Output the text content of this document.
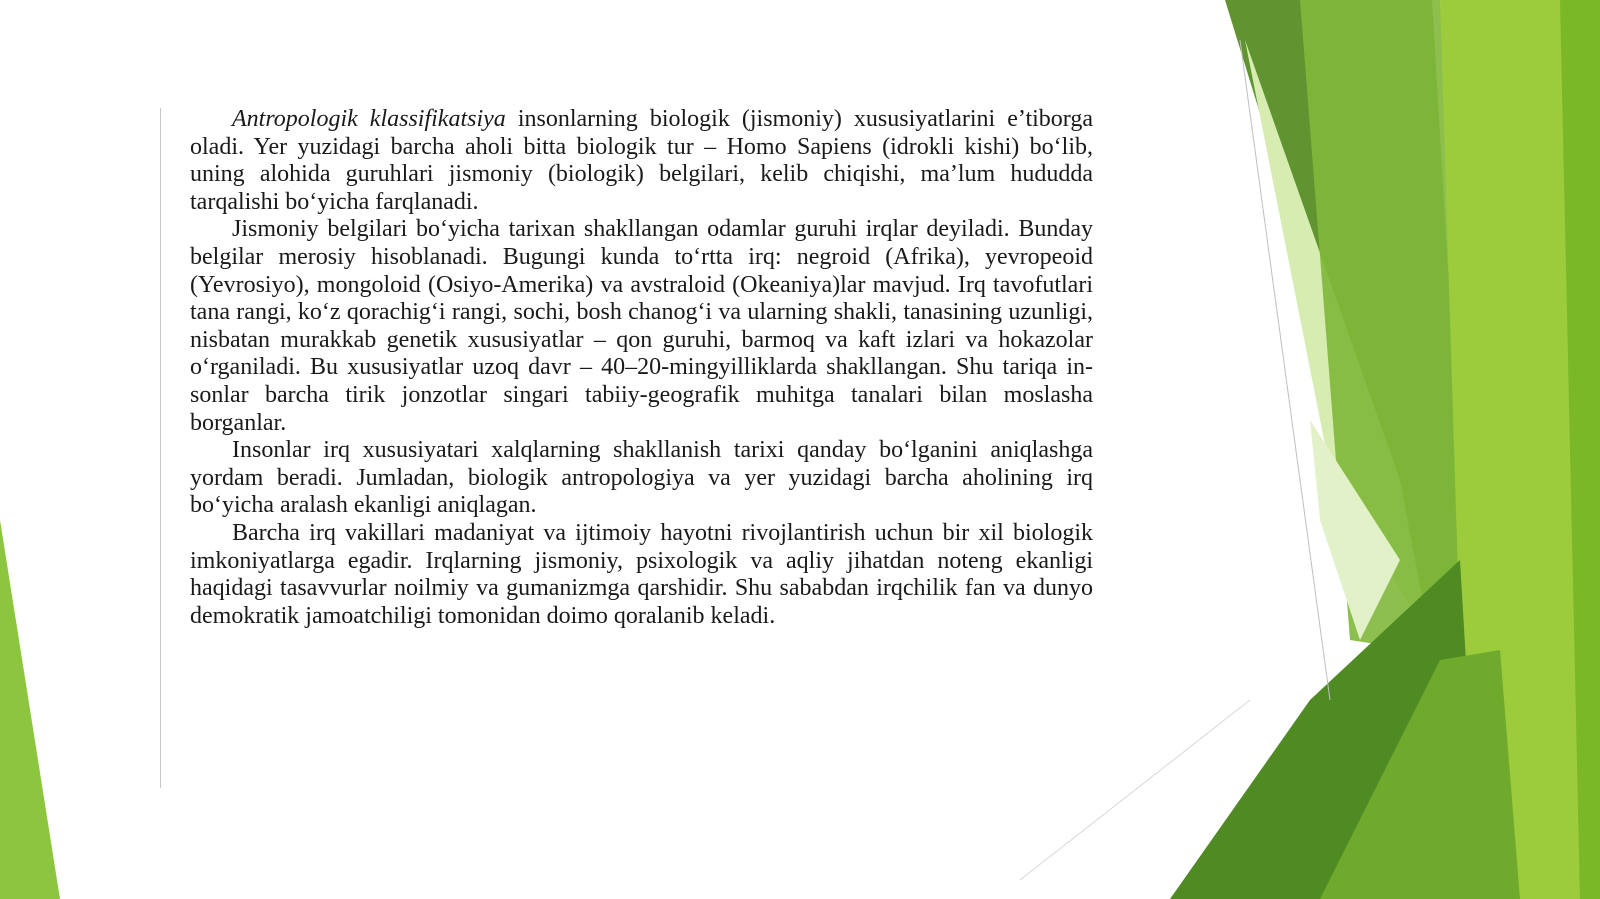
Antropologik klassifikatsiya insonlarning biologik (jismoniy) xususiyatlarini e’tiborga oladi. Yer yuzidagi barcha aholi bitta biologik tur – Homo Sapiens (idrokli kishi) bo‘lib, uning alohida guruhlari jismoniy (biologik) belgilari, kelib chiqishi, ma’lum hududda tarqalishi bo‘yicha farqlanadi.

Jismoniy belgilari bo‘yicha tarixan shakllangan odamlar guruhi irqlar deyiladi. Bunday belgilar merosiy hisoblanadi. Bugungi kunda to‘rtta irq: negroid (Afrika), yevropeoid (Yevrosiyo), mongoloid (Osiyo-Amerika) va avstraloid (Okeaniya)lar mavjud. Irq tavofutlari tana rangi, ko‘z qorachig‘i rangi, sochi, bosh chanog‘i va ularning shakli, tanasining uzunligi, nisbatan murakkab genetik xususiyatlar – qon guruhi, barmoq va kaft izlari va hokazolar o‘rganiladi. Bu xususiyatlar uzoq davr – 40–20-mingyilliklarda shakllangan. Shu tariqa insonlar barcha tirik jonzotlar singari tabiiy-geografik muhitga tanalari bilan moslasha borganlar.

Insonlar irq xususiyatari xalqlarning shakllanish tarixi qanday bo‘lganini aniqlashga yordam beradi. Jumladan, biologik antropologiya va yer yuzidagi barcha aholining irq bo‘yicha aralash ekanligi aniqlagan.

Barcha irq vakillari madaniyat va ijtimoiy hayotni rivojlantirish uchun bir xil biologik imkoniyatlarga egadir. Irqlarning jismoniy, psixologik va aqliy jihatdan noteng ekanligi haqidagi tasavvurlar noilmiy va gumanizmga qarshidir. Shu sababdan irqchilik fan va dunyo demokratik jamoatchiligi tomonidan doimo qoralanib keladi.
